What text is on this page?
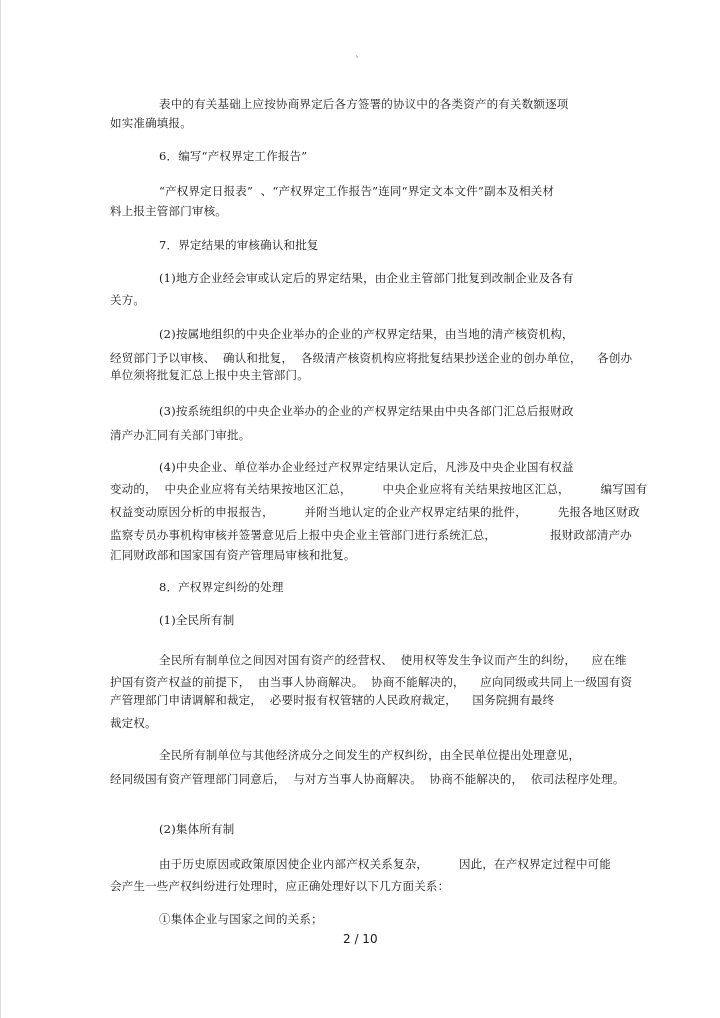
`
表中的有关基础上应按协商界定后各方签署的协议中的各类资产的有关数额逐项
如实准确填报。
6．编写“产权界定工作报告”
“产权界定日报表”  、“产权界定工作报告”连同“界定文本文件”副本及相关材
料上报主管部门审核。
7．界定结果的审核确认和批复
(1)地方企业经会审或认定后的界定结果，由企业主管部门批复到改制企业及各有
关方。
(2)按属地组织的中央企业举办的企业的产权界定结果，由当地的清产核资机构，
经贸部门予以审核、  确认和批复，  各级清产核资机构应将批复结果抄送企业的创办单位，    各创办
单位须将批复汇总上报中央主管部门。
(3)按系统组织的中央企业举办的企业的产权界定结果由中央各部门汇总后报财政
清产办汇同有关部门审批。
(4)中央企业、单位举办企业经过产权界定结果认定后，凡涉及中央企业国有权益
变动的，  中央企业应将有关结果按地区汇总，        中央企业应将有关结果按地区汇总，        编写国有
权益变动原因分析的申报报告，        并附当地认定的企业产权界定结果的批件，        先报各地区财政
监察专员办事机构审核并签署意见后上报中央企业主管部门进行系统汇总，              报财政部清产办
汇同财政部和国家国有资产管理局审核和批复。
8．产权界定纠纷的处理
(1)全民所有制
全民所有制单位之间因对国有资产的经营权、  使用权等发生争议而产生的纠纷，    应在维
护国有资产权益的前提下，  由当事人协商解决。  协商不能解决的，    应向同级或共同上一级国有资
产管理部门申请调解和裁定，  必要时报有权管辖的人民政府裁定，    国务院拥有最终
裁定权。
全民所有制单位与其他经济成分之间发生的产权纠纷，由全民单位提出处理意见，
经同级国有资产管理部门同意后，  与对方当事人协商解决。  协商不能解决的，  依司法程序处理。
(2)集体所有制
由于历史原因或政策原因使企业内部产权关系复杂，        因此，在产权界定过程中可能
会产生一些产权纠纷进行处理时，应正确处理好以下几方面关系：
①集体企业与国家之间的关系；
2 / 10
